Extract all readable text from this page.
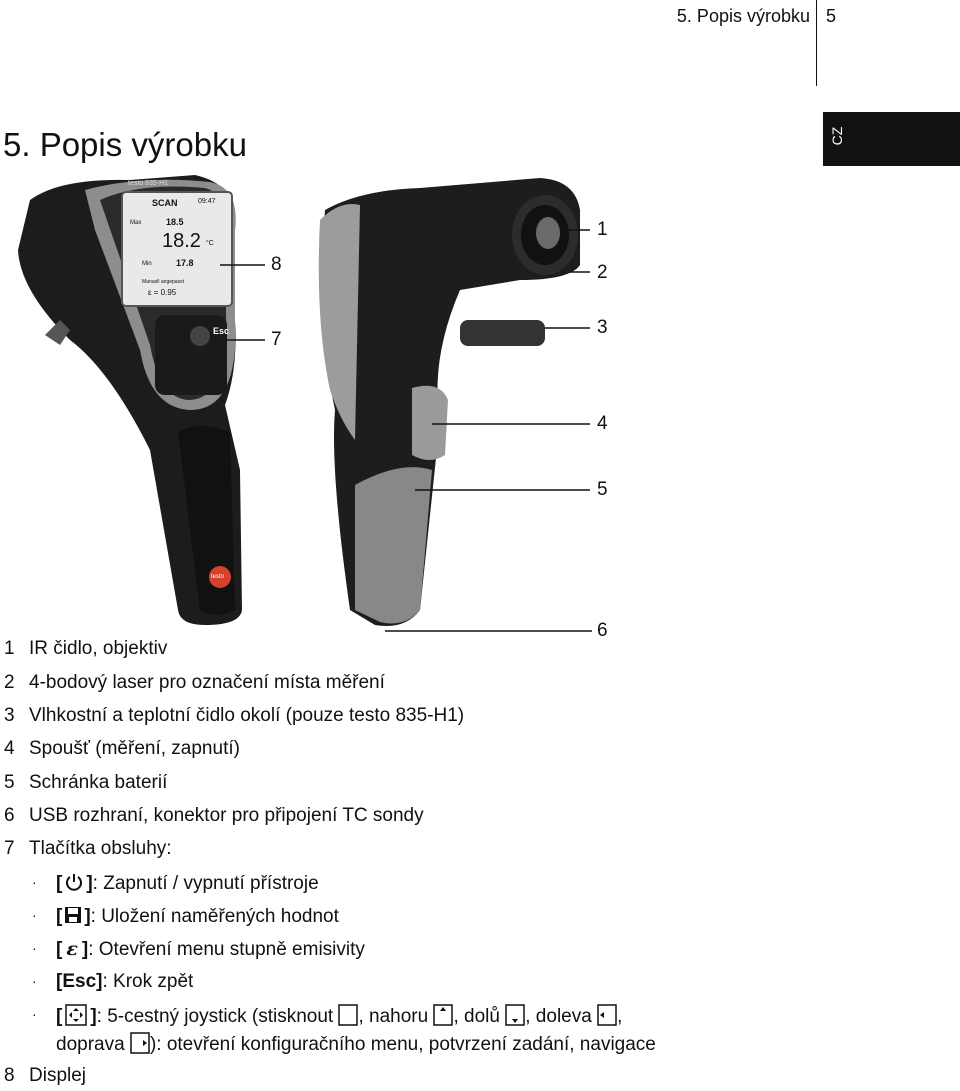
5. Popis výrobku 5
5. Popis výrobku	CZ
SCAN	09:47
Max	18.5
18.2 °C
Min	17.8
Manuell angepasst
ε = 0.95
testo 835-H1
Esc
testo
8
7
1
2
3
4
5
6
1 IR čidlo, objektiv
2 4-bodový laser pro označení místa měření
3 Vlhkostní a teplotní čidlo okolí (pouze testo 835-H1)
4 Spoušť (měření, zapnutí)
5 Schránka baterií
6 USB rozhraní, konektor pro připojení TC sondy
7 Tlačítka obsluhy:
· [ ]: Zapnutí / vypnutí přístroje
· [ ]: Uložení naměřených hodnot
· [ ɛ ]: Otevření menu stupně emisivity
· [Esc]: Krok zpět
· [ ]: 5-cestný joystick (stisknout , nahoru , dolů , doleva ,
doprava ): otevření konfiguračního menu, potvrzení zadání, navigace
8 Displej
